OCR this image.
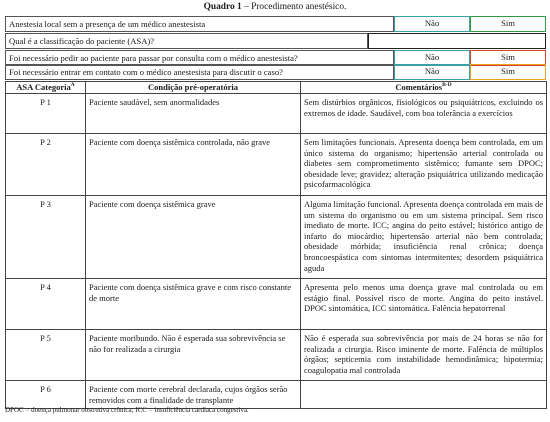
Quadro 1 – Procedimento anestésico.
Anestesia local sem a presença de um médico anestesista	Não	Sim
Qual é a classificação do paciente (ASA)?
Foi necessário pedir ao paciente para passar por consulta com o médico anestesista?	Não	Sim
Foi necessário entrar em contato com o médico anestesista para discutir o caso?	Não	Sim
ASA Categoria$^A$	Condição pré-operatória	Comentários$^{B-D}$
P 1	Paciente saudável, sem anormalidades	Sem distúrbios orgânicos, fisiológicos ou psiquiátricos, excluindo os extremos de idade. Saudável, com boa tolerância a exercícios
P 2	Paciente com doença sistêmica controlada, não grave	Sem limitações funcionais. Apresenta doença bem controlada, em um único sistema do organismo; hipertensão arterial controlada ou diabetes sem comprometimento sistêmico; fumante sem DPOC; obesidade leve; gravidez; alteração psiquiátrica utilizando medicação psicofarmacológica
P 3	Paciente com doença sistêmica grave	Alguma limitação funcional. Apresenta doença controlada em mais de um sistema do organismo ou em um sistema principal. Sem risco imediato de morte. ICC; angina do peito estável; histórico antigo de infarto do miocárdio; hipertensão arterial não bem controlada; obesidade mórbida; insuficiência renal crônica; doença broncoespástica com sintomas intermitentes; desordem psiquiátrica aguda
P 4	Paciente com doença sistêmica grave e com risco constante de morte	Apresenta pelo menos uma doença grave mal controlada ou em estágio final. Possível risco de morte. Angina do peito instável. DPOC sintomática, ICC sintomática. Falência hepatorrenal
P 5	Paciente moribundo. Não é esperada sua sobrevivência se não for realizada a cirurgia	Não é esperada sua sobrevivência por mais de 24 horas se não for realizada a cirurgia. Risco iminente de morte. Falência de múltiplos órgãos; septicemia com instabilidade hemodinâmica; hipotermia; coagulopatia mal controlada
P 6	Paciente com morte cerebral declarada, cujos órgãos serão removidos com a finalidade de transplante	
DPOC = doença pulmonar obstrutiva crônica; ICC = insuficiência cardíaca congestiva.
